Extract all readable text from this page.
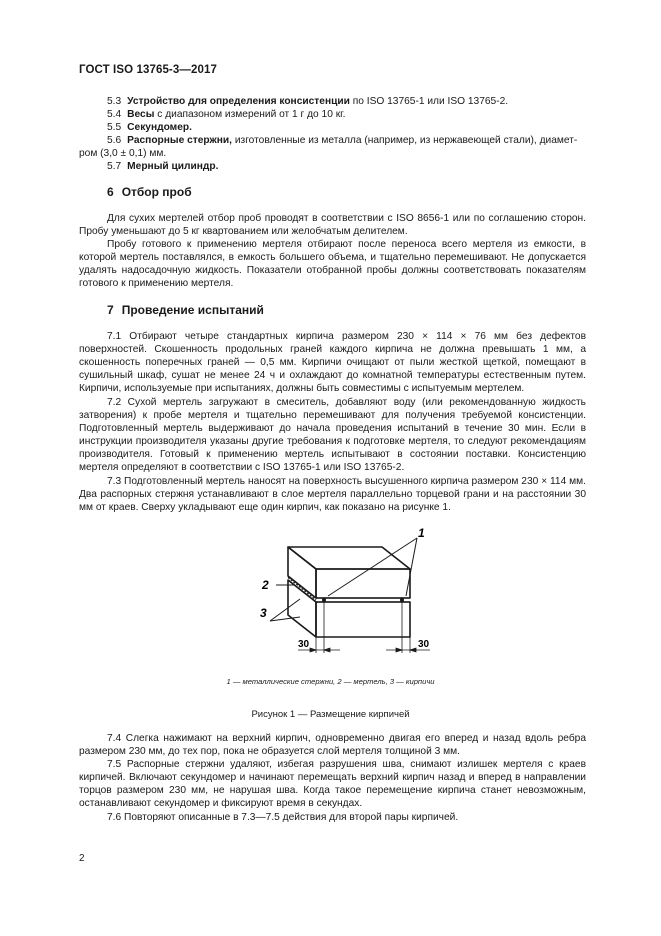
ГОСТ ISO 13765-3—2017
5.3 Устройство для определения консистенции по ISO 13765-1 или ISO 13765-2.
5.4 Весы с диапазоном измерений от 1 г до 10 кг.
5.5 Секундомер.
5.6 Распорные стержни, изготовленные из металла (например, из нержавеющей стали), диамет-
ром (3,0 ± 0,1) мм.
5.7 Мерный цилиндр.
6 Отбор проб

Для сухих мертелей отбор проб проводят в соответствии с ISO 8656-1 или по соглашению сторон. Пробу уменьшают до 5 кг квартованием или желобчатым делителем.

Пробу готового к применению мертеля отбирают после переноса всего мертеля из емкости, в которой мертель поставлялся, в емкость большего объема, и тщательно перемешивают. Не допускается удалять надосадочную жидкость. Показатели отобранной пробы должны соответствовать показателям готового к применению мертеля.

7 Проведение испытаний

7.1 Отбирают четыре стандартных кирпича размером 230 × 114 × 76 мм без дефектов поверхностей. Скошенность продольных граней каждого кирпича не должна превышать 1 мм, а скошенность поперечных граней — 0,5 мм. Кирпичи очищают от пыли жесткой щеткой, помещают в сушильный шкаф, сушат не менее 24 ч и охлаждают до комнатной температуры естественным путем. Кирпичи, используемые при испытаниях, должны быть совместимы с испытуемым мертелем.

7.2 Сухой мертель загружают в смеситель, добавляют воду (или рекомендованную жидкость затворения) к пробе мертеля и тщательно перемешивают для получения требуемой консистенции. Подготовленный мертель выдерживают до начала проведения испытаний в течение 30 мин. Если в инструкции производителя указаны другие требования к подготовке мертеля, то следуют рекомендациям производителя. Готовый к применению мертель испытывают в состоянии поставки. Консистенцию мертеля определяют в соответствии с ISO 13765-1 или ISO 13765-2.

7.3 Подготовленный мертель наносят на поверхность высушенного кирпича размером 230 × 114 мм. Два распорных стержня устанавливают в слое мертеля параллельно торцевой грани и на расстоянии 30 мм от краев. Сверху укладывают еще один кирпич, как показано на рисунке 1.

1
2
3
30	30
1 — металлические стержни, 2 — мертель, 3 — кирпичи
Рисунок 1 — Размещение кирпичей

7.4 Слегка нажимают на верхний кирпич, одновременно двигая его вперед и назад вдоль ребра размером 230 мм, до тех пор, пока не образуется слой мертеля толщиной 3 мм.

7.5 Распорные стержни удаляют, избегая разрушения шва, снимают излишек мертеля с краев кирпичей. Включают секундомер и начинают перемещать верхний кирпич назад и вперед в направлении торцов размером 230 мм, не нарушая шва. Когда такое перемещение кирпича станет невозможным, останавливают секундомер и фиксируют время в секундах.

7.6 Повторяют описанные в 7.3—7.5 действия для второй пары кирпичей.

2
